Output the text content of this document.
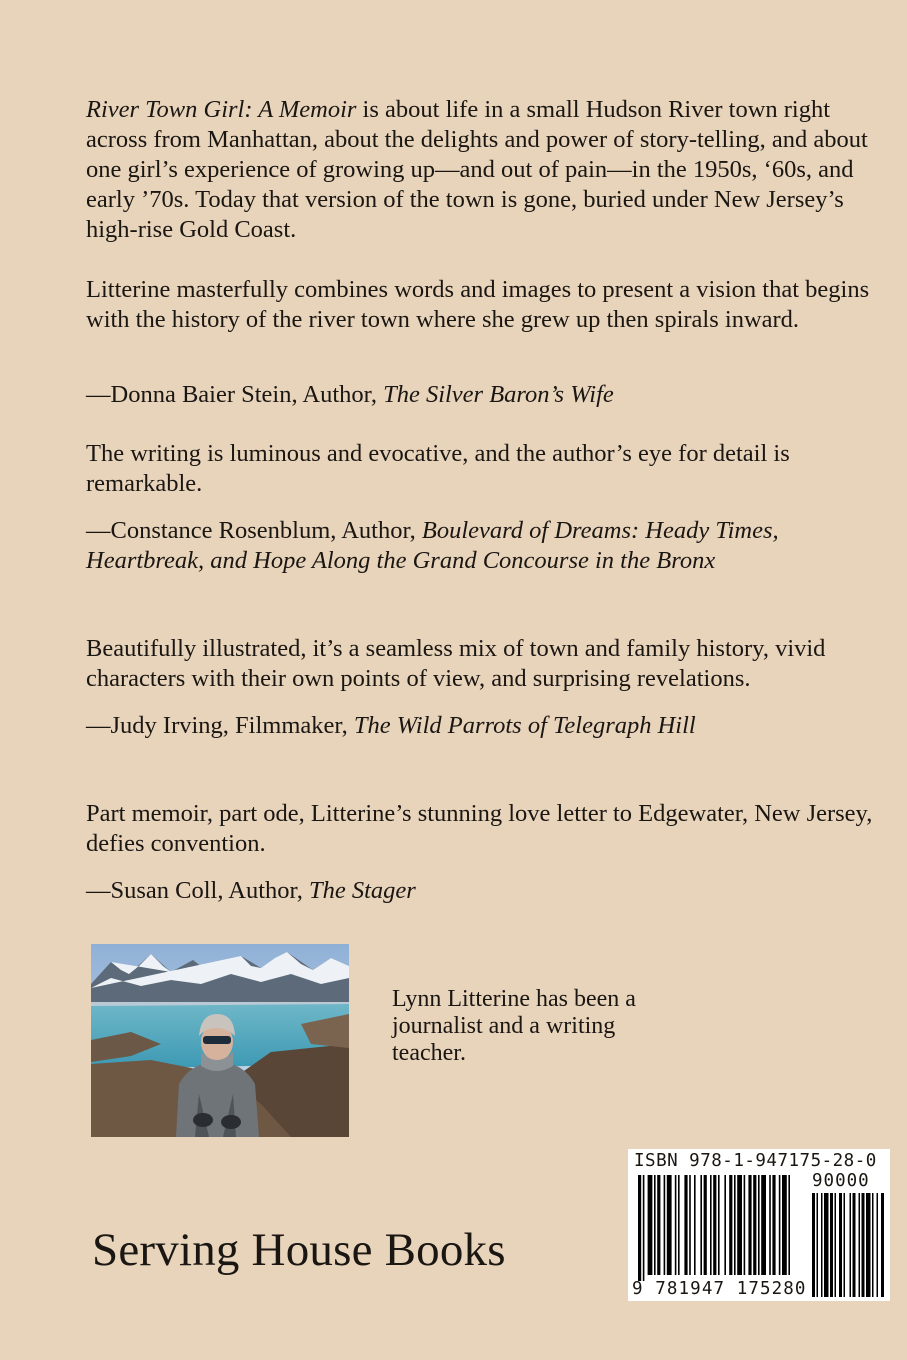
River Town Girl: A Memoir is about life in a small Hudson River town right across from Manhattan, about the delights and power of story-telling, and about one girl’s experience of growing up—and out of pain—in the 1950s, ‘60s, and early ’70s. Today that version of the town is gone, buried under New Jersey’s high-rise Gold Coast.

Litterine masterfully combines words and images to present a vision that begins with the history of the river town where she grew up then spirals inward.

—Donna Baier Stein, Author, The Silver Baron’s Wife

The writing is luminous and evocative, and the author’s eye for detail is remarkable.

—Constance Rosenblum, Author, Boulevard of Dreams: Heady Times, Heartbreak, and Hope Along the Grand Concourse in the Bronx

Beautifully illustrated, it’s a seamless mix of town and family history, vivid characters with their own points of view, and surprising revelations.

—Judy Irving, Filmmaker, The Wild Parrots of Telegraph Hill

Part memoir, part ode, Litterine’s stunning love letter to Edgewater, New Jersey, defies convention.

—Susan Coll, Author, The Stager

Lynn Litterine has been a journalist and a writing teacher.

Serving House Books

ISBN 978-1-947175-28-0
90000
9 781947 175280
